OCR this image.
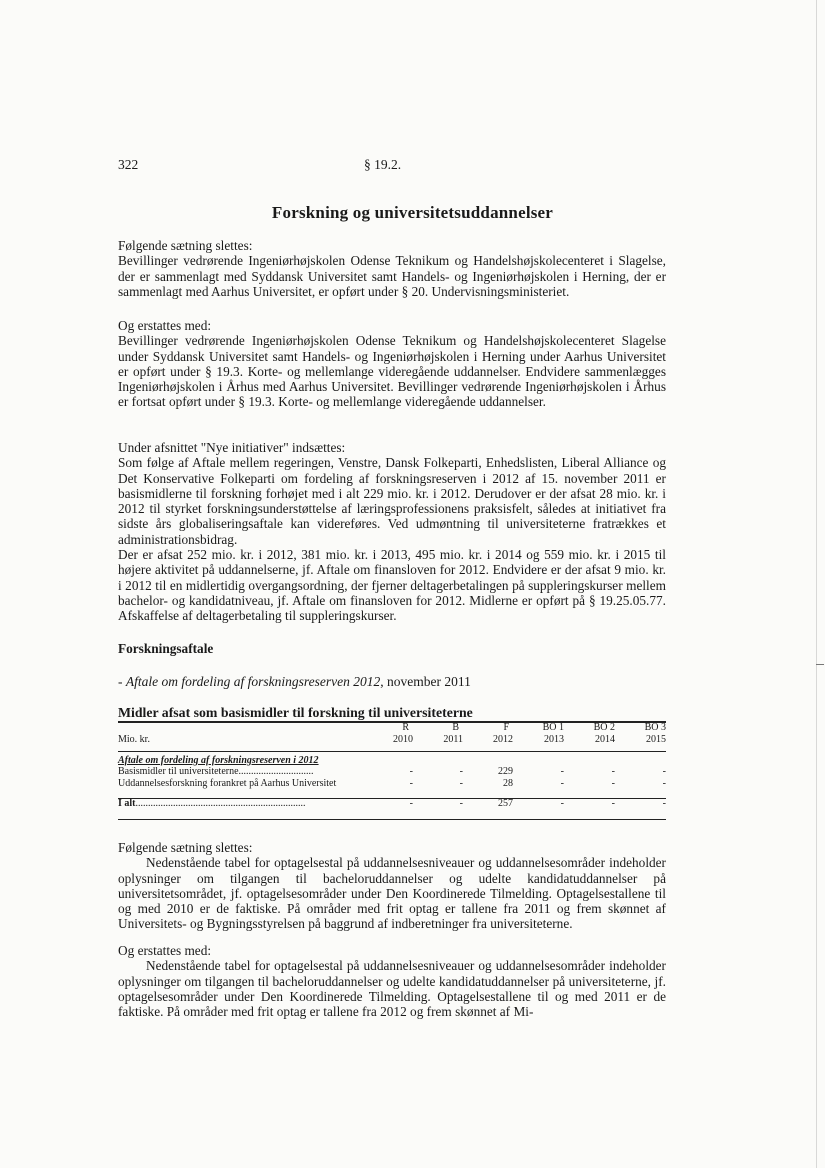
322	§ 19.2.
Forskning og universitetsuddannelser

Følgende sætning slettes:

Bevillinger vedrørende Ingeniørhøjskolen Odense Teknikum og Handelshøjskolecenteret i Slagelse, der er sammenlagt med Syddansk Universitet samt Handels- og Ingeniørhøjskolen i Herning, der er sammenlagt med Aarhus Universitet, er opført under § 20. Undervisningsministeriet.

Og erstattes med:

Bevillinger vedrørende Ingeniørhøjskolen Odense Teknikum og Handelshøjskolecenteret Slagelse under Syddansk Universitet samt Handels- og Ingeniørhøjskolen i Herning under Aarhus Universitet er opført under § 19.3. Korte- og mellemlange videregående uddannelser. Endvidere sammenlægges Ingeniørhøjskolen i Århus med Aarhus Universitet. Bevillinger vedrørende Ingeniørhøjskolen i Århus er fortsat opført under § 19.3. Korte- og mellemlange videregående uddannelser.

Under afsnittet "Nye initiativer" indsættes:

Som følge af Aftale mellem regeringen, Venstre, Dansk Folkeparti, Enhedslisten, Liberal Alliance og Det Konservative Folkeparti om fordeling af forskningsreserven i 2012 af 15. november 2011 er basismidlerne til forskning forhøjet med i alt 229 mio. kr. i 2012. Derudover er der afsat 28 mio. kr. i 2012 til styrket forskningsunderstøttelse af læringsprofessionens praksisfelt, således at initiativet fra sidste års globaliseringsaftale kan videreføres. Ved udmøntning til universiteterne fratrækkes et administrationsbidrag.

Der er afsat 252 mio. kr. i 2012, 381 mio. kr. i 2013, 495 mio. kr. i 2014 og 559 mio. kr. i 2015 til højere aktivitet på uddannelserne, jf. Aftale om finansloven for 2012. Endvidere er der afsat 9 mio. kr. i 2012 til en midlertidig overgangsordning, der fjerner deltagerbetalingen på suppleringskurser mellem bachelor- og kandidatniveau, jf. Aftale om finansloven for 2012. Midlerne er opført på § 19.25.05.77. Afskaffelse af deltagerbetaling til suppleringskurser.

Forskningsaftale
- Aftale om fordeling af forskningsreserven 2012, november 2011
Midler afsat som basismidler til forskning til universiteterne
	R	B	F	BO 1	BO 2	BO 3
Mio. kr.	2010	2011	2012	2013	2014	2015
Aftale om fordeling af forskningsreserven i 2012						
Basismidler til universiteterne..............................	-	-	229	-	-	-
Uddannelsesforskning forankret på Aarhus Universitet	-	-	28	-	-	-
I alt....................................................................	-	-	257	-	-	-

Følgende sætning slettes:

Nedenstående tabel for optagelsestal på uddannelsesniveauer og uddannelsesområder indeholder oplysninger om tilgangen til bacheloruddannelser og udelte kandidatuddannelser på universitetsområdet, jf. optagelsesområder under Den Koordinerede Tilmelding. Optagelsestallene til og med 2010 er de faktiske. På områder med frit optag er tallene fra 2011 og frem skønnet af Universitets- og Bygningsstyrelsen på baggrund af indberetninger fra universiteterne.

Og erstattes med:

Nedenstående tabel for optagelsestal på uddannelsesniveauer og uddannelsesområder indeholder oplysninger om tilgangen til bacheloruddannelser og udelte kandidatuddannelser på universiteterne, jf. optagelsesområder under Den Koordinerede Tilmelding. Optagelsestallene til og med 2011 er de faktiske. På områder med frit optag er tallene fra 2012 og frem skønnet af Mi-
